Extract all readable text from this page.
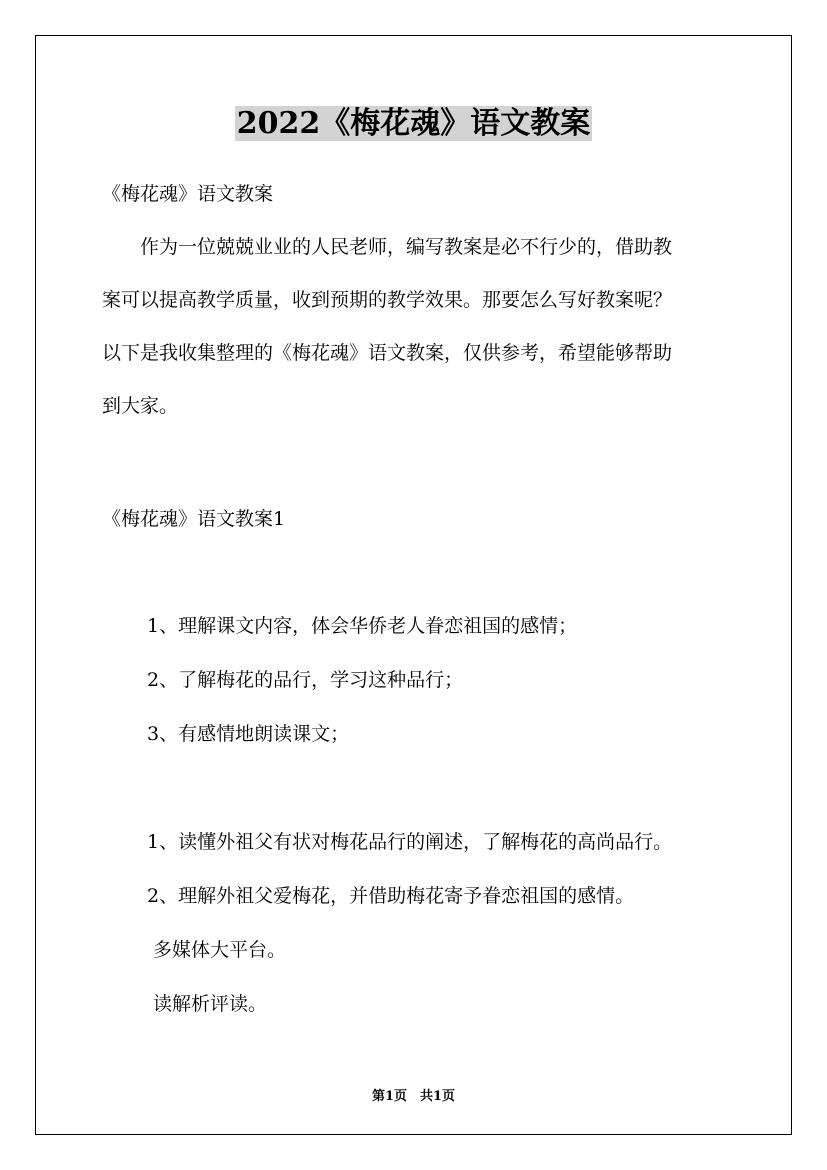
2022《梅花魂》语文教案
《梅花魂》语文教案
　　作为一位兢兢业业的人民老师，编写教案是必不行少的，借助教
案可以提高教学质量，收到预期的教学效果。那要怎么写好教案呢？
以下是我收集整理的《梅花魂》语文教案，仅供参考，希望能够帮助
到大家。
《梅花魂》语文教案1
1、理解课文内容，体会华侨老人眷恋祖国的感情；
2、了解梅花的品行，学习这种品行；
3、有感情地朗读课文；
1、读懂外祖父有状对梅花品行的阐述，了解梅花的高尚品行。
2、理解外祖父爱梅花，并借助梅花寄予眷恋祖国的感情。
多媒体大平台。
读解析评读。
第1页　共1页
